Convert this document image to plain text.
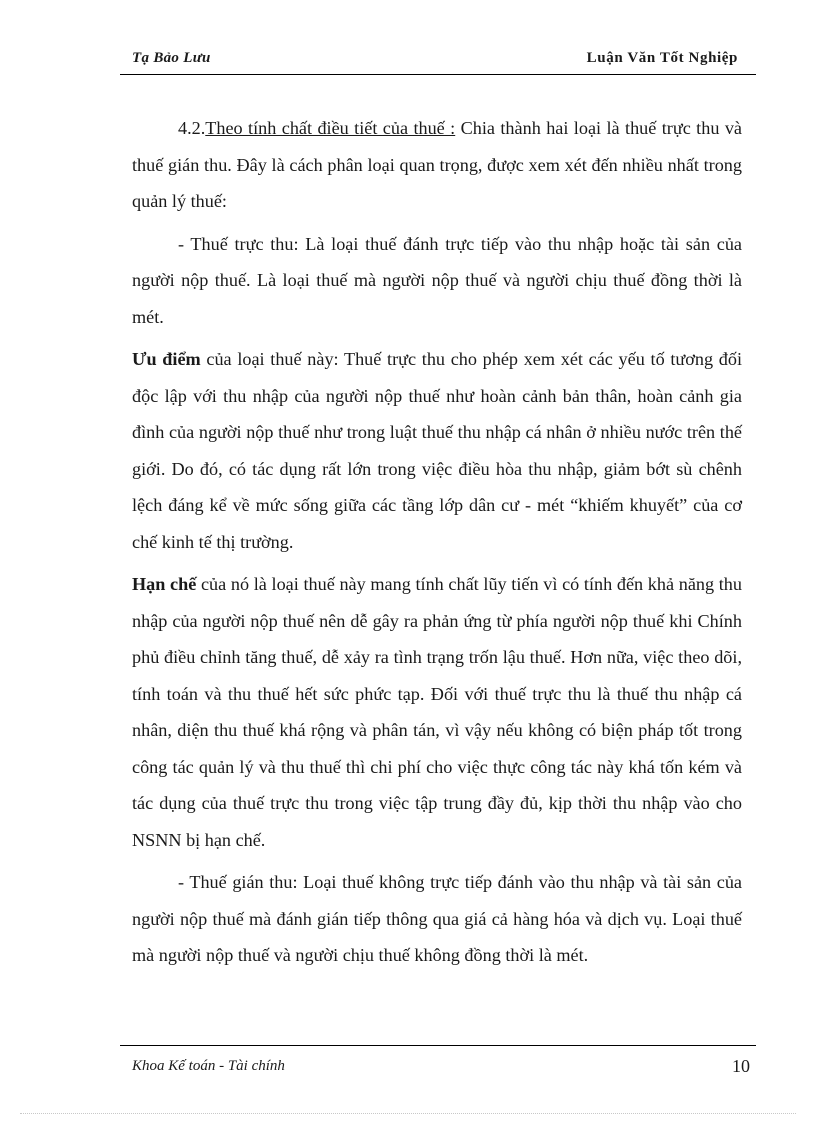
Tạ Bảo Lưu	Luận Văn Tốt Nghiệp

4.2.Theo tính chất điều tiết của thuế : Chia thành hai loại là thuế trực thu và thuế gián thu. Đây là cách phân loại quan trọng, được xem xét đến nhiều nhất trong quản lý thuế:

- Thuế trực thu: Là loại thuế đánh trực tiếp vào thu nhập hoặc tài sản của người nộp thuế. Là loại thuế mà người nộp thuế và người chịu thuế đồng thời là mét.

Ưu điểm của loại thuế này: Thuế trực thu cho phép xem xét các yếu tố tương đối độc lập với thu nhập của người nộp thuế như hoàn cảnh bản thân, hoàn cảnh gia đình của người nộp thuế như trong luật thuế thu nhập cá nhân ở nhiều nước trên thế giới. Do đó, có tác dụng rất lớn trong việc điều hòa thu nhập, giảm bớt sù chênh lệch đáng kể về mức sống giữa các tầng lớp dân cư - mét “khiếm khuyết” của cơ chế kinh tế thị trường.

Hạn chế của nó là loại thuế này mang tính chất lũy tiến vì có tính đến khả năng thu nhập của người nộp thuế nên dễ gây ra phản ứng từ phía người nộp thuế khi Chính phủ điều chỉnh tăng thuế, dễ xảy ra tình trạng trốn lậu thuế. Hơn nữa, việc theo dõi, tính toán và thu thuế hết sức phức tạp. Đối với thuế trực thu là thuế thu nhập cá nhân, diện thu thuế khá rộng và phân tán, vì vậy nếu không có biện pháp tốt trong công tác quản lý và thu thuế thì chi phí cho việc thực công tác này khá tốn kém và tác dụng của thuế trực thu trong việc tập trung đầy đủ, kịp thời thu nhập vào cho NSNN bị hạn chế.

- Thuế gián thu: Loại thuế không trực tiếp đánh vào thu nhập và tài sản của người nộp thuế mà đánh gián tiếp thông qua giá cả hàng hóa và dịch vụ. Loại thuế mà người nộp thuế và người chịu thuế không đồng thời là mét.

Khoa Kế toán - Tài chính	10
